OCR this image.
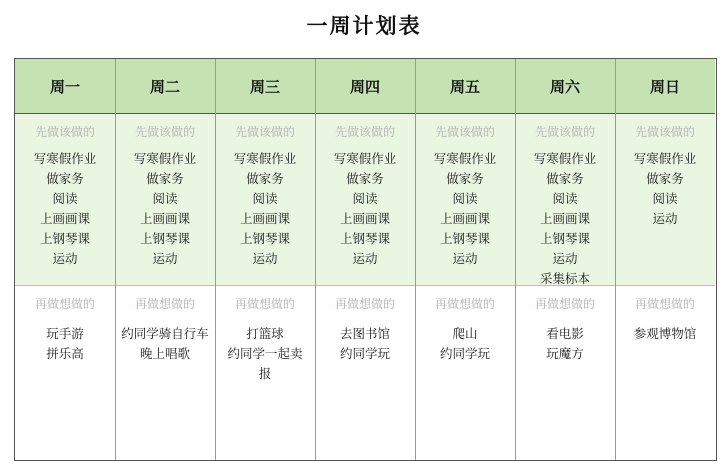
一周计划表
周一
先做该做的
写寒假作业
做家务
阅读
上画画课
上钢琴课
运动
再做想做的
玩手游
拼乐高
周二
先做该做的
写寒假作业
做家务
阅读
上画画课
上钢琴课
运动
再做想做的
约同学骑自行车
晚上唱歌
周三
先做该做的
写寒假作业
做家务
阅读
上画画课
上钢琴课
运动
再做想做的
打篮球
约同学一起卖
报
周四
先做该做的
写寒假作业
做家务
阅读
上画画课
上钢琴课
运动
再做想做的
去图书馆
约同学玩
周五
先做该做的
写寒假作业
做家务
阅读
上画画课
上钢琴课
运动
再做想做的
爬山
约同学玩
周六
先做该做的
写寒假作业
做家务
阅读
上画画课
上钢琴课
运动
采集标本
再做想做的
看电影
玩魔方
周日
先做该做的
写寒假作业
做家务
阅读
运动
再做想做的
参观博物馆
